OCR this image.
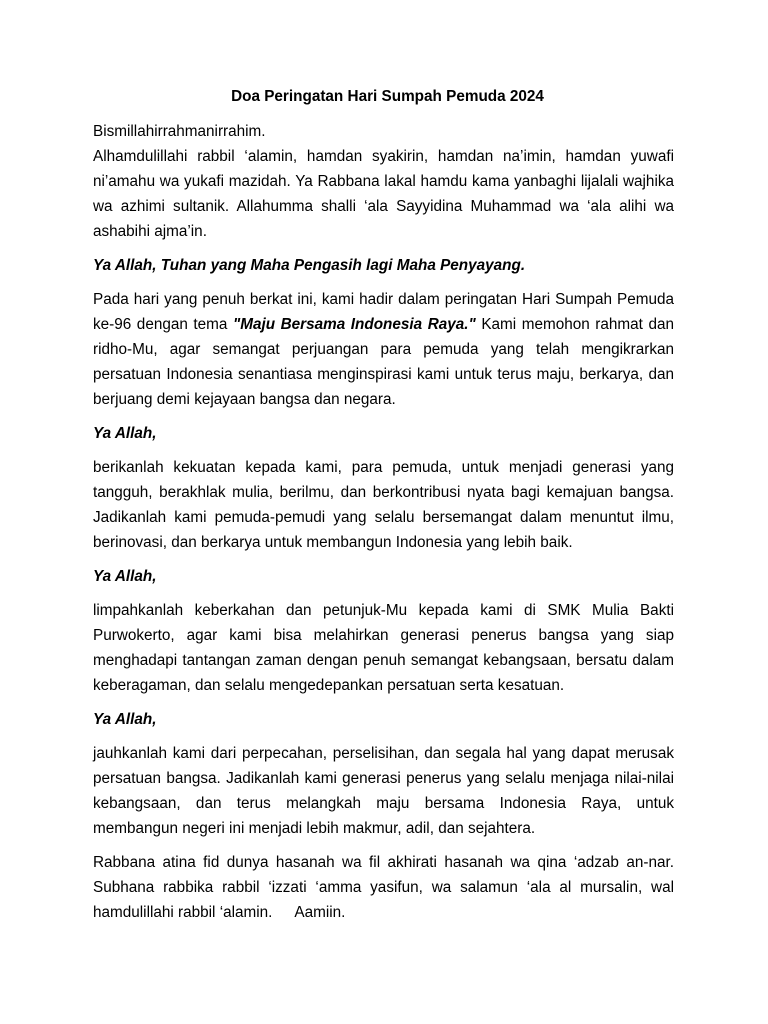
Doa Peringatan Hari Sumpah Pemuda 2024
Bismillahirrahmanirrahim.
Alhamdulillahi rabbil ‘alamin, hamdan syakirin, hamdan na’imin, hamdan yuwafi ni’amahu wa yukafi mazidah. Ya Rabbana lakal hamdu kama yanbaghi lijalali wajhika wa azhimi sultanik. Allahumma shalli ‘ala Sayyidina Muhammad wa ‘ala alihi wa ashabihi ajma’in.
Ya Allah, Tuhan yang Maha Pengasih lagi Maha Penyayang.
Pada hari yang penuh berkat ini, kami hadir dalam peringatan Hari Sumpah Pemuda ke-96 dengan tema "Maju Bersama Indonesia Raya." Kami memohon rahmat dan ridho-Mu, agar semangat perjuangan para pemuda yang telah mengikrarkan persatuan Indonesia senantiasa menginspirasi kami untuk terus maju, berkarya, dan berjuang demi kejayaan bangsa dan negara.
Ya Allah,
berikanlah kekuatan kepada kami, para pemuda, untuk menjadi generasi yang tangguh, berakhlak mulia, berilmu, dan berkontribusi nyata bagi kemajuan bangsa. Jadikanlah kami pemuda-pemudi yang selalu bersemangat dalam menuntut ilmu, berinovasi, dan berkarya untuk membangun Indonesia yang lebih baik.
Ya Allah,
limpahkanlah keberkahan dan petunjuk-Mu kepada kami di SMK Mulia Bakti Purwokerto, agar kami bisa melahirkan generasi penerus bangsa yang siap menghadapi tantangan zaman dengan penuh semangat kebangsaan, bersatu dalam keberagaman, dan selalu mengedepankan persatuan serta kesatuan.
Ya Allah,
jauhkanlah kami dari perpecahan, perselisihan, dan segala hal yang dapat merusak persatuan bangsa. Jadikanlah kami generasi penerus yang selalu menjaga nilai-nilai kebangsaan, dan terus melangkah maju bersama Indonesia Raya, untuk membangun negeri ini menjadi lebih makmur, adil, dan sejahtera.
Rabbana atina fid dunya hasanah wa fil akhirati hasanah wa qina ‘adzab an-nar. Subhana rabbika rabbil ‘izzati ‘amma yasifun, wa salamun ‘ala al mursalin, wal hamdulillahi rabbil ‘alamin. Aamiin.
